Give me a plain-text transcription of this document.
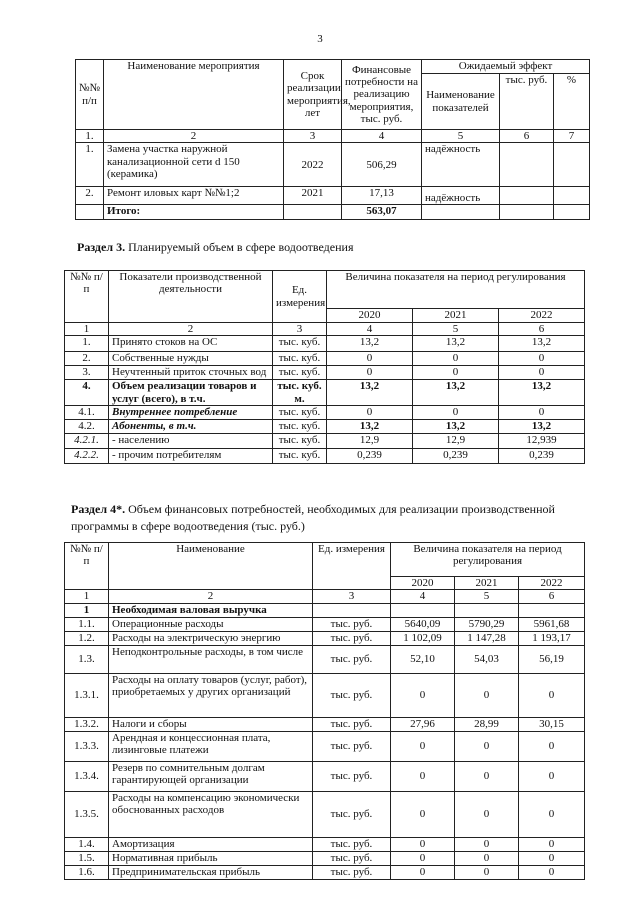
3
№№ п/п	Наименование мероприятия	Срок реализации мероприятия, лет	Финансовые потребности на реализацию мероприятия, тыс. руб.	Ожидаемый эффект		
				Наименование показателей	тыс. руб.	%
1.	2	3	4	5	6	7
1.	Замена участка наружной канализационной сети d 150 (керамика)	2022	506,29	надёжность		
2.	Ремонт иловых карт №№1;2	2021	17,13	надёжность		
	Итого:		563,07			
Раздел 3. Планируемый объем в сфере водоотведения
№№ п/п	Показатели производственной деятельности	Ед. измерения	Величина показателя на период регулирования		
			2020	2021	2022
1	2	3	4	5	6
1.	Принято стоков на ОС	тыс. куб.	13,2	13,2	13,2
2.	Собственные нужды	тыс. куб.	0	0	0
3.	Неучтенный приток сточных вод	тыс. куб.	0	0	0
4.	Объем реализации товаров и услуг (всего), в т.ч.	тыс. куб. м.	13,2	13,2	13,2
4.1.	Внутреннее потребление	тыс. куб.	0	0	0
4.2.	Абоненты, в т.ч.	тыс. куб.	13,2	13,2	13,2
4.2.1.	- населению	тыс. куб.	12,9	12,9	12,939
4.2.2.	- прочим потребителям	тыс. куб.	0,239	0,239	0,239
Раздел 4*. Объем финансовых потребностей, необходимых для реализации производственной программы в сфере водоотведения (тыс. руб.)
№№ п/п	Наименование	Ед. измерения	Величина показателя на период регулирования		
			2020	2021	2022
1	2	3	4	5	6
1	Необходимая валовая выручка				
1.1.	Операционные расходы	тыс. руб.	5640,09	5790,29	5961,68
1.2.	Расходы на электрическую энергию	тыс. руб.	1 102,09	1 147,28	1 193,17
1.3.	Неподконтрольные расходы, в том числе	тыс. руб.	52,10	54,03	56,19
1.3.1.	Расходы на оплату товаров (услуг, работ), приобретаемых у других организаций	тыс. руб.	0	0	0
1.3.2.	Налоги и сборы	тыс. руб.	27,96	28,99	30,15
1.3.3.	Арендная и концессионная плата, лизинговые платежи	тыс. руб.	0	0	0
1.3.4.	Резерв по сомнительным долгам гарантирующей организации	тыс. руб.	0	0	0
1.3.5.	Расходы на компенсацию экономически обоснованных расходов	тыс. руб.	0	0	0
1.4.	Амортизация	тыс. руб.	0	0	0
1.5.	Нормативная прибыль	тыс. руб.	0	0	0
1.6.	Предпринимательская прибыль	тыс. руб.	0	0	0
